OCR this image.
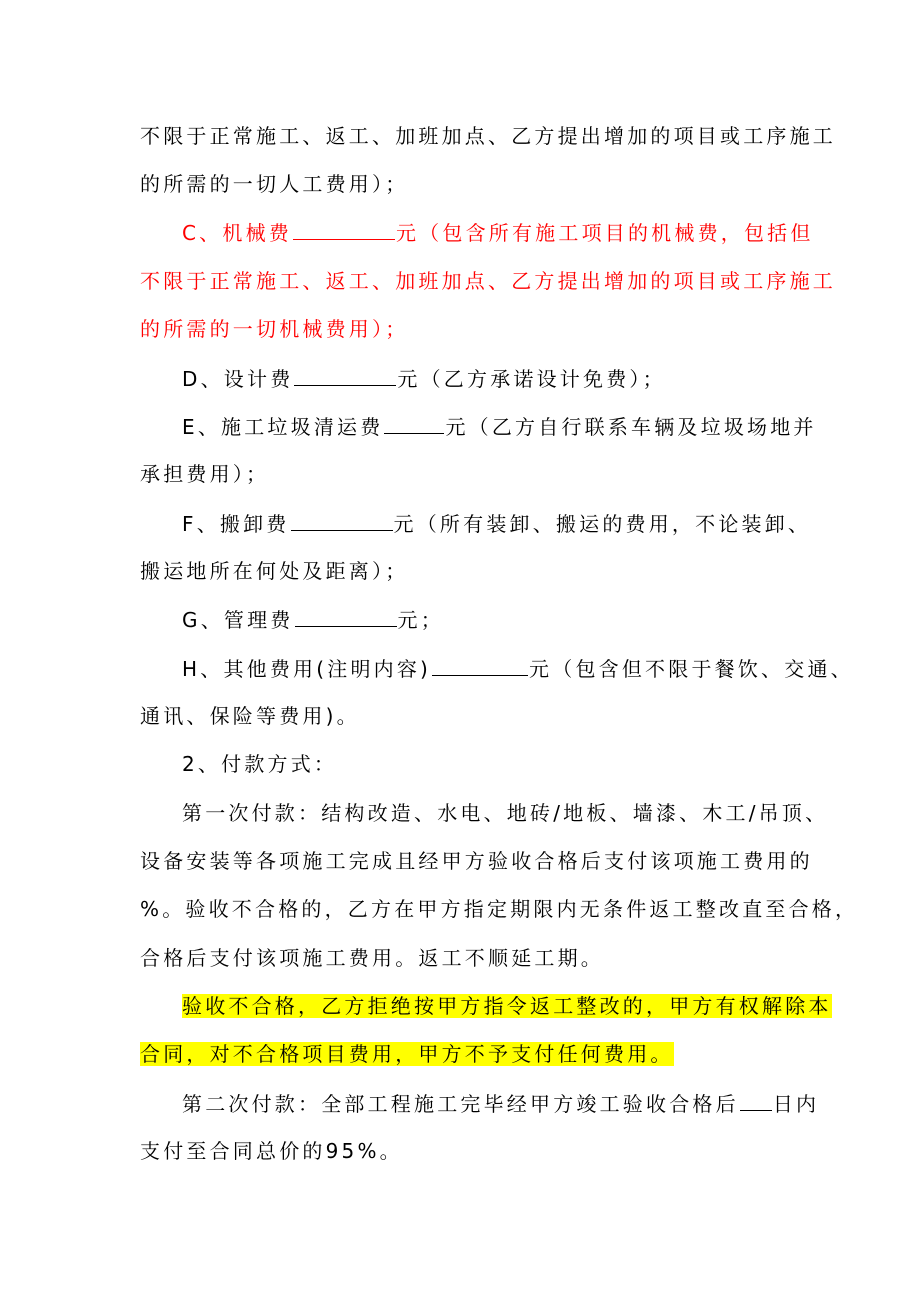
不限于正常施工、返工、加班加点、乙方提出增加的项目或工序施工
的所需的一切人工费用）；
C、机械费	元（包含所有施工项目的机械费，包括但
不限于正常施工、返工、加班加点、乙方提出增加的项目或工序施工
的所需的一切机械费用）；
D、设计费	元（乙方承诺设计免费）；
E、施工垃圾清运费	元（乙方自行联系车辆及垃圾场地并
承担费用）；
F、搬卸费	元（所有装卸、搬运的费用，不论装卸、
搬运地所在何处及距离）；
G、管理费	元；
H、其他费用(注明内容)	元（包含但不限于餐饮、交通、
通讯、保险等费用)。
2、付款方式：
第一次付款：结构改造、水电、地砖/地板、墙漆、木工/吊顶、
设备安装等各项施工完成且经甲方验收合格后支付该项施工费用的
%。验收不合格的，乙方在甲方指定期限内无条件返工整改直至合格，
合格后支付该项施工费用。返工不顺延工期。
验收不合格，乙方拒绝按甲方指令返工整改的，甲方有权解除本
合同，对不合格项目费用，甲方不予支付任何费用。
第二次付款：全部工程施工完毕经甲方竣工验收合格后 日内
支付至合同总价的95%。
